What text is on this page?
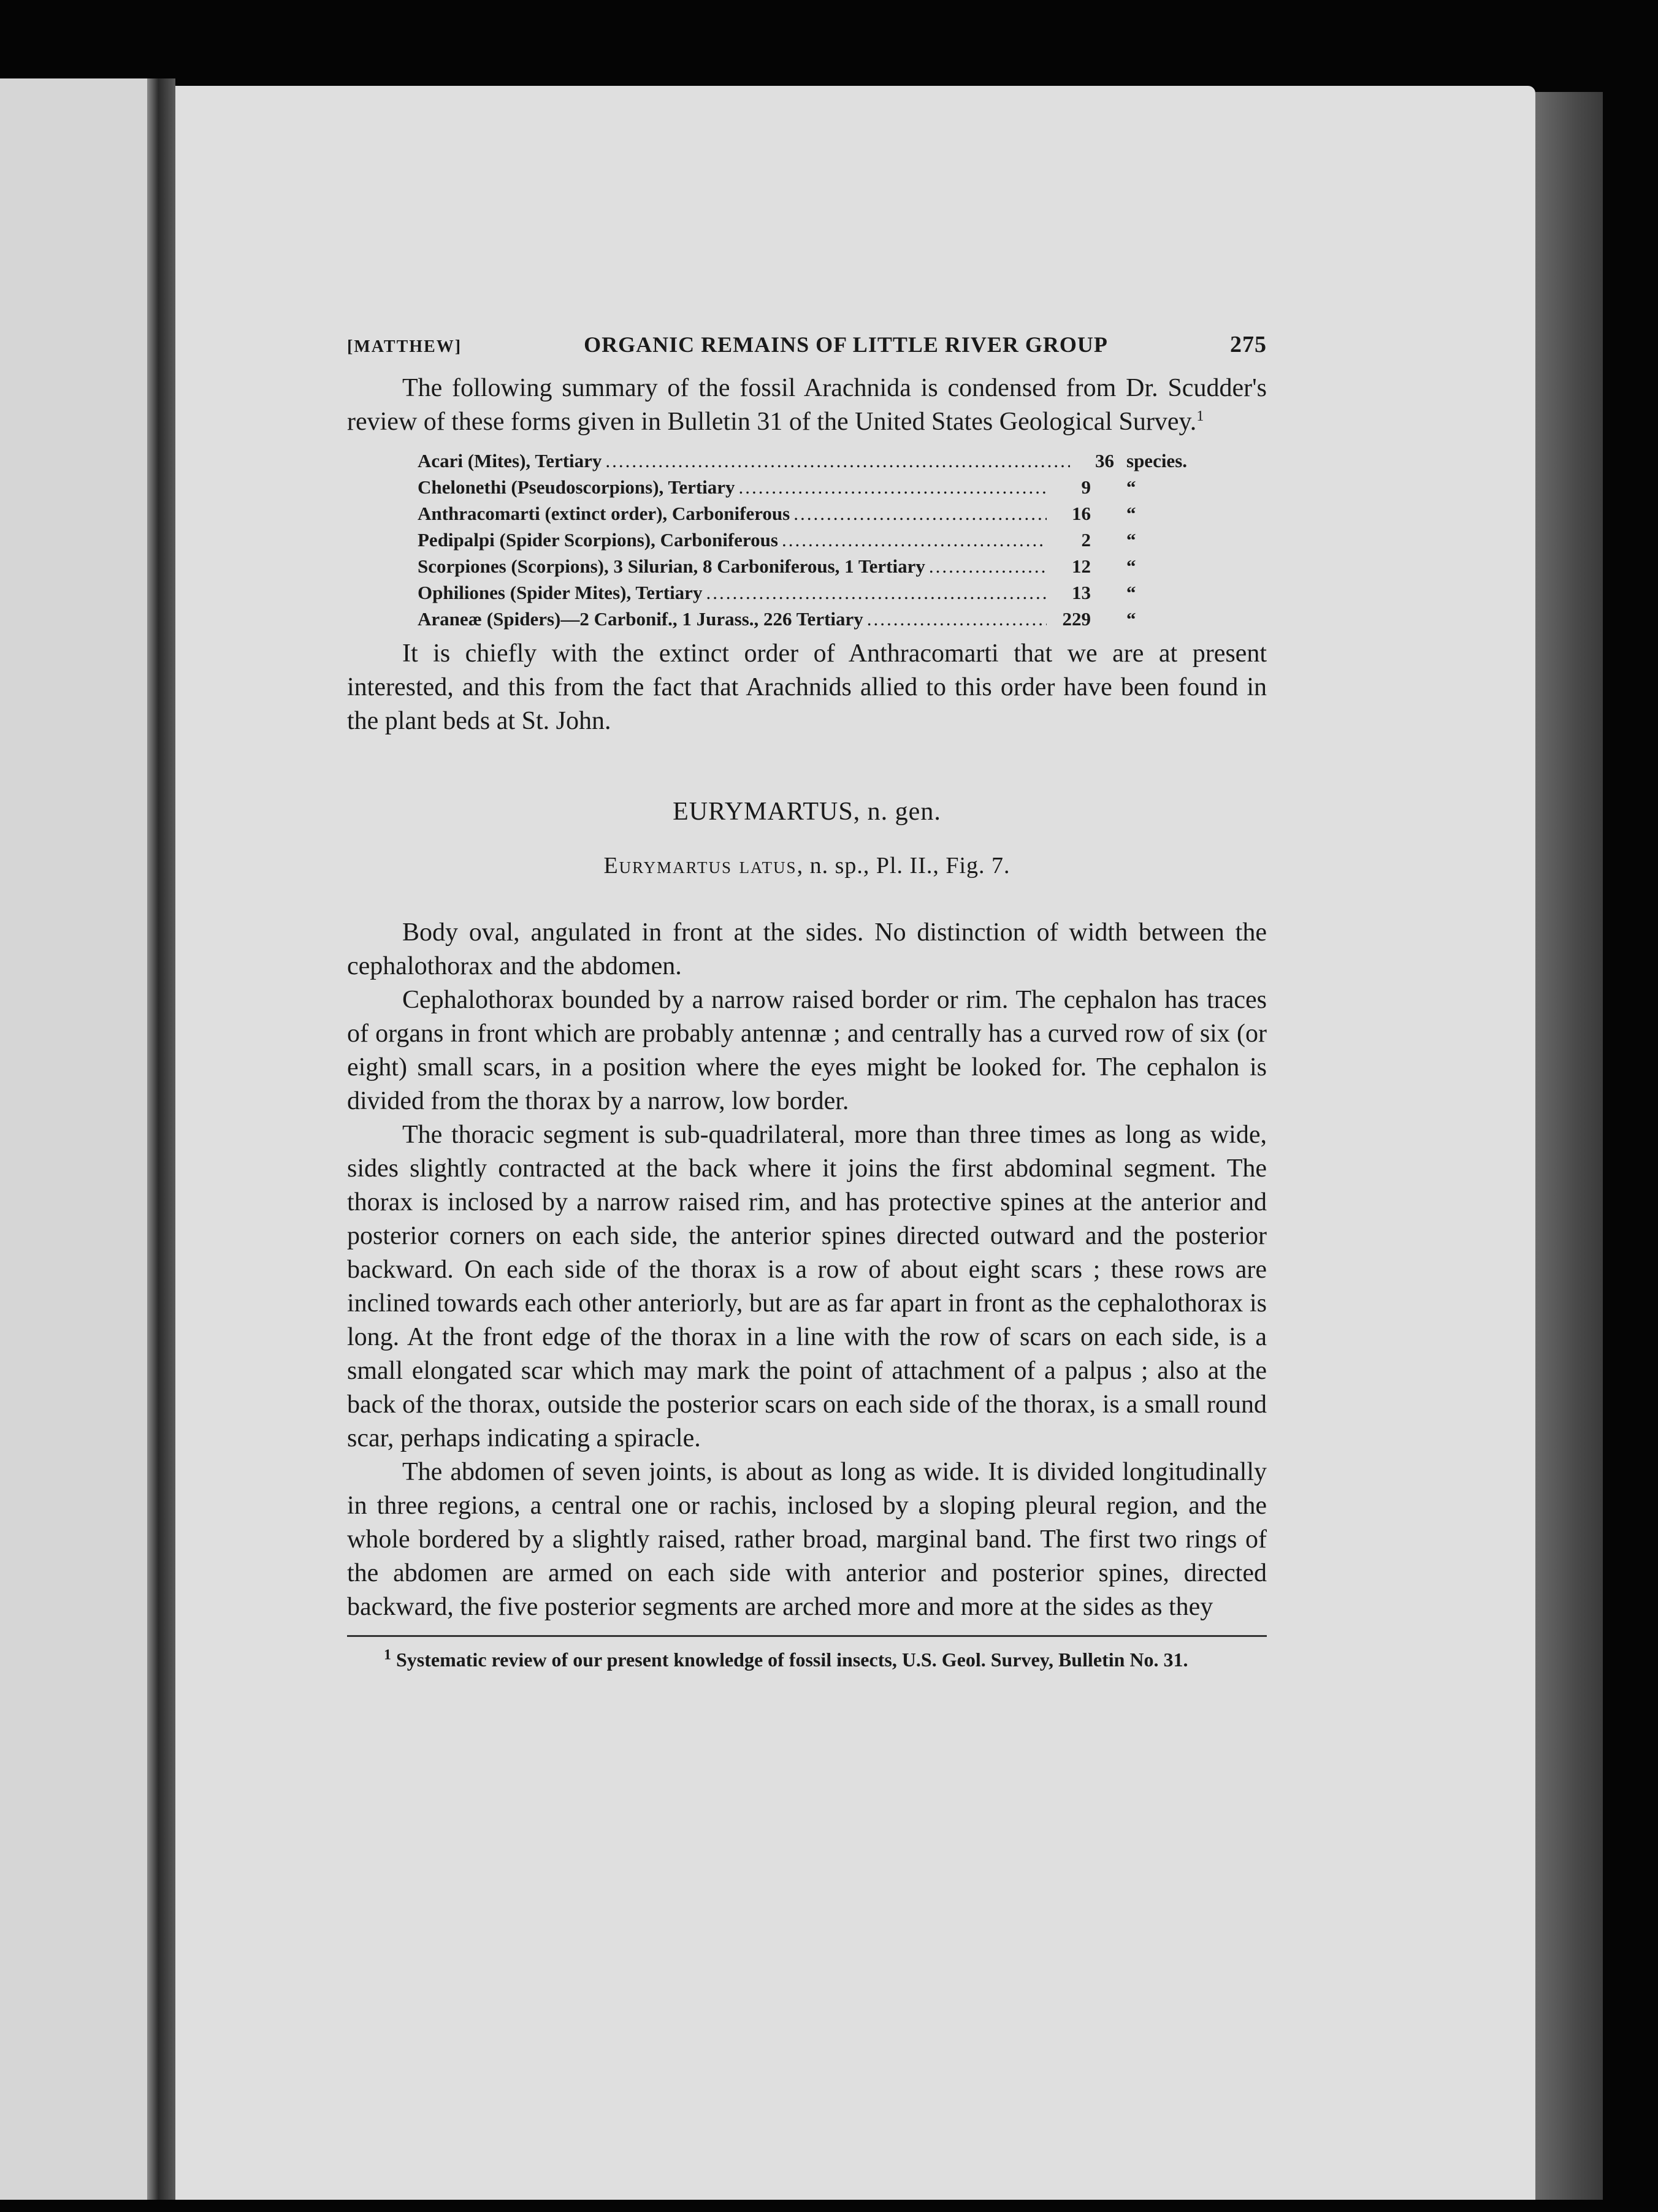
[MATTHEW]	ORGANIC REMAINS OF LITTLE RIVER GROUP	275

The following summary of the fossil Arachnida is condensed from Dr. Scudder's review of these forms given in Bulletin 31 of the United States Geological Survey.$^1$

Acari (Mites), Tertiary .....	36 species.
Chelonethi (Pseudoscorpions), Tertiary .....	9	“
Anthracomarti (extinct order), Carboniferous .....	16	“
Pedipalpi (Spider Scorpions), Carboniferous .....	2	“
Scorpiones (Scorpions), 3 Silurian, 8 Carboniferous, 1 Tertiary .....	12	“
Ophiliones (Spider Mites), Tertiary .....	13	“
Araneæ (Spiders)—2 Carbonif., 1 Jurass., 226 Tertiary .....	229	“

It is chiefly with the extinct order of Anthracomarti that we are at present interested, and this from the fact that Arachnids allied to this order have been found in the plant beds at St. John.

EURYMARTUS, n. gen.
Eurymartus latus, n. sp., Pl. II., Fig. 7.

Body oval, angulated in front at the sides. No distinction of width between the cephalothorax and the abdomen.

Cephalothorax bounded by a narrow raised border or rim. The cephalon has traces of organs in front which are probably antennæ ; and centrally has a curved row of six (or eight) small scars, in a position where the eyes might be looked for. The cephalon is divided from the thorax by a narrow, low border.

The thoracic segment is sub-quadrilateral, more than three times as long as wide, sides slightly contracted at the back where it joins the first abdominal segment. The thorax is inclosed by a narrow raised rim, and has protective spines at the anterior and posterior corners on each side, the anterior spines directed outward and the posterior backward. On each side of the thorax is a row of about eight scars ; these rows are inclined towards each other anteriorly, but are as far apart in front as the cephalothorax is long. At the front edge of the thorax in a line with the row of scars on each side, is a small elongated scar which may mark the point of attachment of a palpus ; also at the back of the thorax, outside the posterior scars on each side of the thorax, is a small round scar, perhaps indicating a spiracle.

The abdomen of seven joints, is about as long as wide. It is divided longitudinally in three regions, a central one or rachis, inclosed by a sloping pleural region, and the whole bordered by a slightly raised, rather broad, marginal band. The first two rings of the abdomen are armed on each side with anterior and posterior spines, directed backward, the five posterior segments are arched more and more at the sides as they

$^1$ Systematic review of our present knowledge of fossil insects, U.S. Geol. Survey, Bulletin No. 31.
